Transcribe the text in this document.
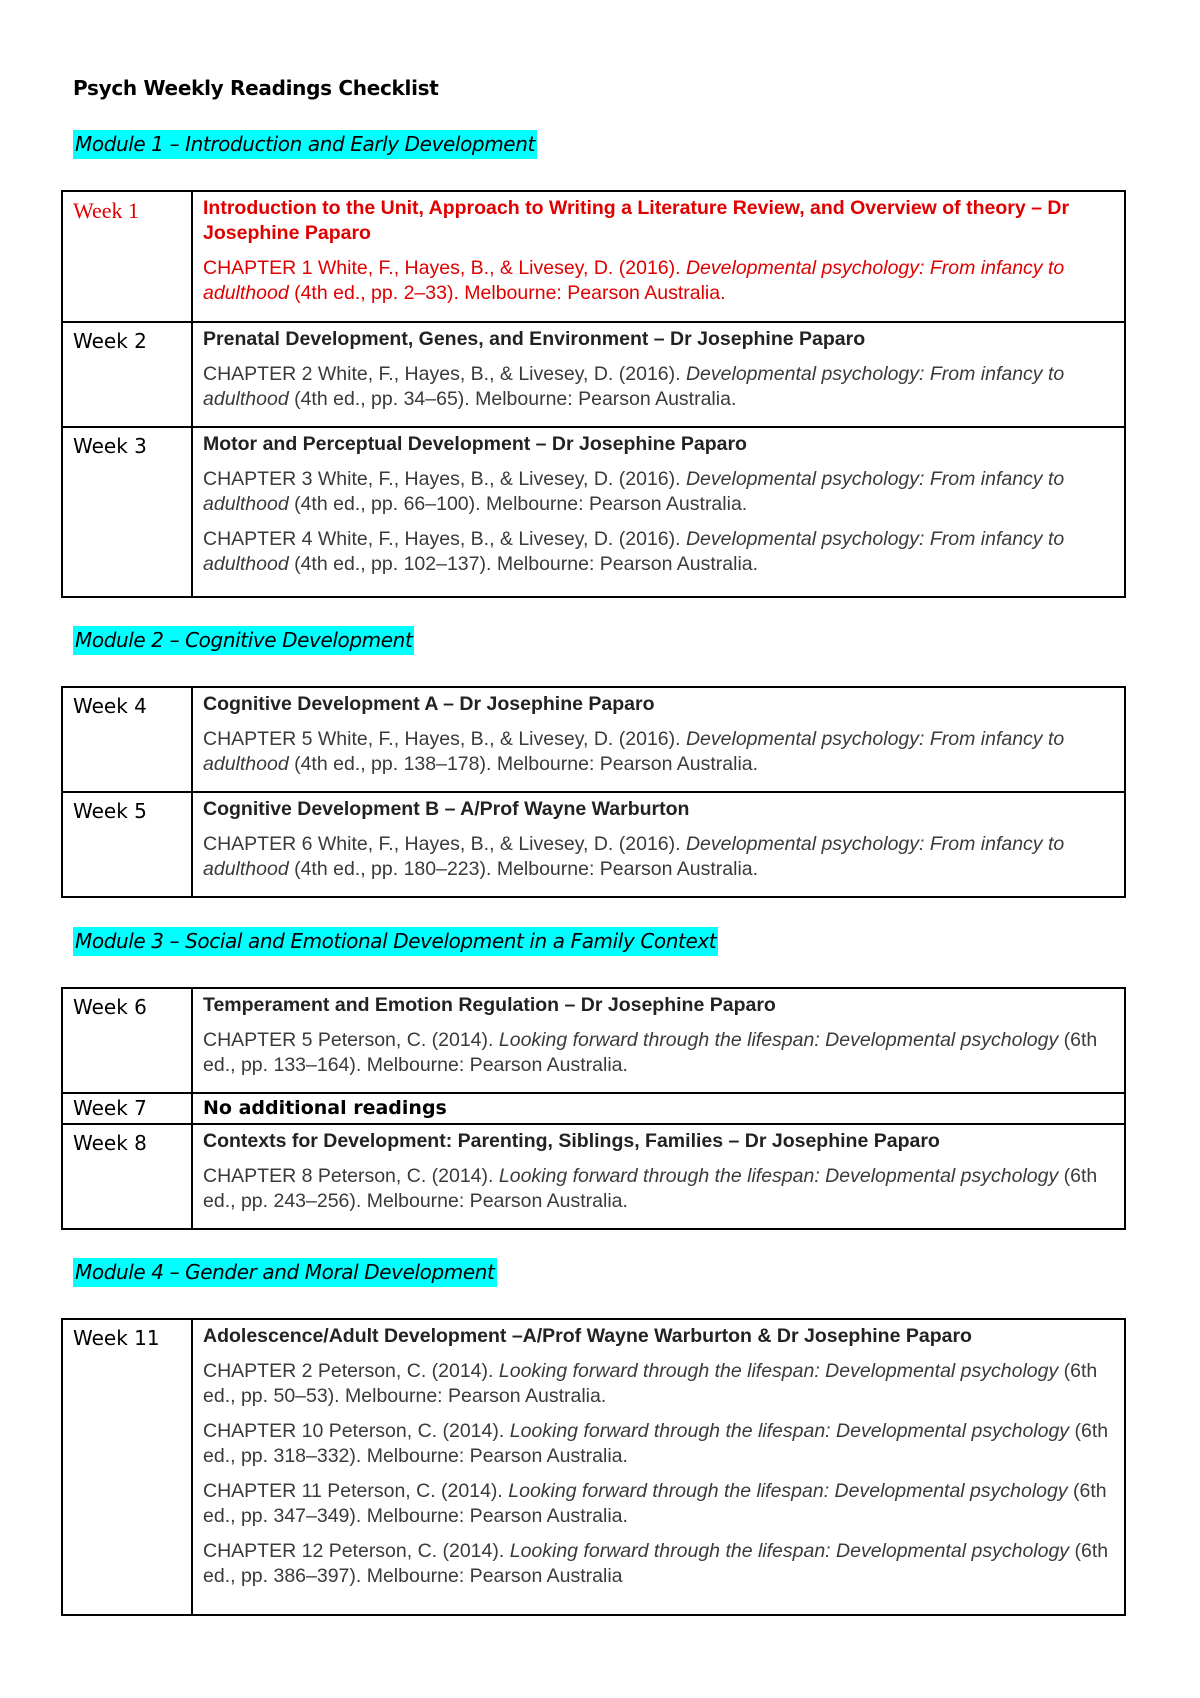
Psych Weekly Readings Checklist
Module 1 – Introduction and Early Development
Week 1	Introduction to the Unit, Approach to Writing a Literature Review, and Overview of theory – Dr Josephine Paparo
CHAPTER 1 White, F., Hayes, B., & Livesey, D. (2016). Developmental psychology: From infancy to adulthood (4th ed., pp. 2–33). Melbourne: Pearson Australia.

Week 2	Prenatal Development, Genes, and Environment – Dr Josephine Paparo
CHAPTER 2 White, F., Hayes, B., & Livesey, D. (2016). Developmental psychology: From infancy to adulthood (4th ed., pp. 34–65). Melbourne: Pearson Australia.

Week 3	Motor and Perceptual Development – Dr Josephine Paparo
CHAPTER 3 White, F., Hayes, B., & Livesey, D. (2016). Developmental psychology: From infancy to adulthood (4th ed., pp. 66–100). Melbourne: Pearson Australia.
CHAPTER 4 White, F., Hayes, B., & Livesey, D. (2016). Developmental psychology: From infancy to adulthood (4th ed., pp. 102–137). Melbourne: Pearson Australia.
Module 2 – Cognitive Development
Week 4	Cognitive Development A – Dr Josephine Paparo
CHAPTER 5 White, F., Hayes, B., & Livesey, D. (2016). Developmental psychology: From infancy to adulthood (4th ed., pp. 138–178). Melbourne: Pearson Australia.

Week 5	Cognitive Development B – A/Prof Wayne Warburton
CHAPTER 6 White, F., Hayes, B., & Livesey, D. (2016). Developmental psychology: From infancy to adulthood (4th ed., pp. 180–223). Melbourne: Pearson Australia.
Module 3 – Social and Emotional Development in a Family Context
Week 6	Temperament and Emotion Regulation – Dr Josephine Paparo
CHAPTER 5 Peterson, C. (2014). Looking forward through the lifespan: Developmental psychology (6th ed., pp. 133–164). Melbourne: Pearson Australia.

Week 7	No additional readings

Week 8	Contexts for Development: Parenting, Siblings, Families – Dr Josephine Paparo
CHAPTER 8 Peterson, C. (2014). Looking forward through the lifespan: Developmental psychology (6th ed., pp. 243–256). Melbourne: Pearson Australia.
Module 4 – Gender and Moral Development
Week 11	Adolescence/Adult Development –A/Prof Wayne Warburton & Dr Josephine Paparo
CHAPTER 2 Peterson, C. (2014). Looking forward through the lifespan: Developmental psychology (6th ed., pp. 50–53). Melbourne: Pearson Australia.
CHAPTER 10 Peterson, C. (2014). Looking forward through the lifespan: Developmental psychology (6th ed., pp. 318–332). Melbourne: Pearson Australia.
CHAPTER 11 Peterson, C. (2014). Looking forward through the lifespan: Developmental psychology (6th ed., pp. 347–349). Melbourne: Pearson Australia.
CHAPTER 12 Peterson, C. (2014). Looking forward through the lifespan: Developmental psychology (6th ed., pp. 386–397). Melbourne: Pearson Australia
